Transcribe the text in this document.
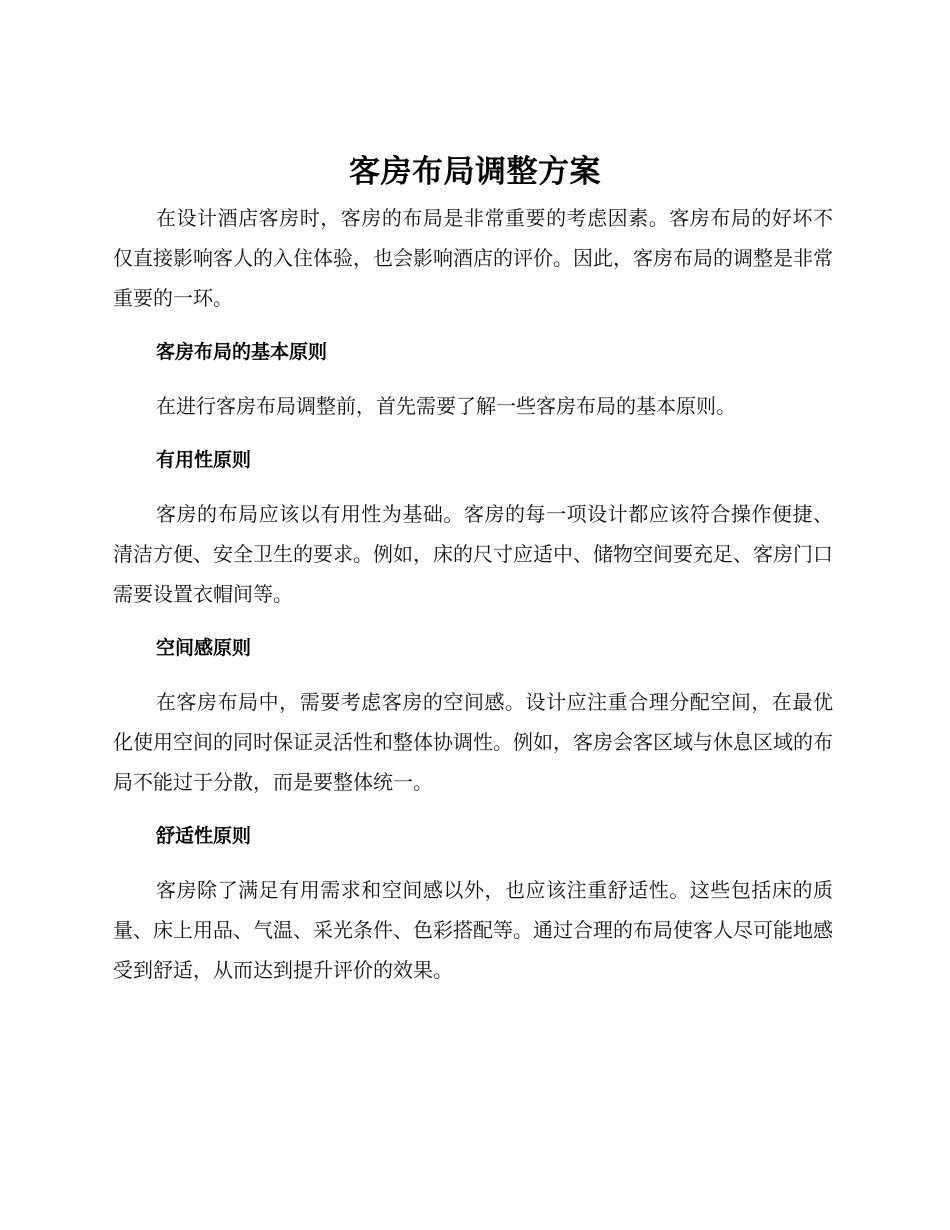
客房布局调整方案

在设计酒店客房时，客房的布局是非常重要的考虑因素。客房布局的好坏不仅直接影响客人的入住体验，也会影响酒店的评价。因此，客房布局的调整是非常重要的一环。

客房布局的基本原则

在进行客房布局调整前，首先需要了解一些客房布局的基本原则。

有用性原则

客房的布局应该以有用性为基础。客房的每一项设计都应该符合操作便捷、清洁方便、安全卫生的要求。例如，床的尺寸应适中、储物空间要充足、客房门口需要设置衣帽间等。

空间感原则

在客房布局中，需要考虑客房的空间感。设计应注重合理分配空间，在最优化使用空间的同时保证灵活性和整体协调性。例如，客房会客区域与休息区域的布局不能过于分散，而是要整体统一。

舒适性原则

客房除了满足有用需求和空间感以外，也应该注重舒适性。这些包括床的质量、床上用品、气温、采光条件、色彩搭配等。通过合理的布局使客人尽可能地感受到舒适，从而达到提升评价的效果。
